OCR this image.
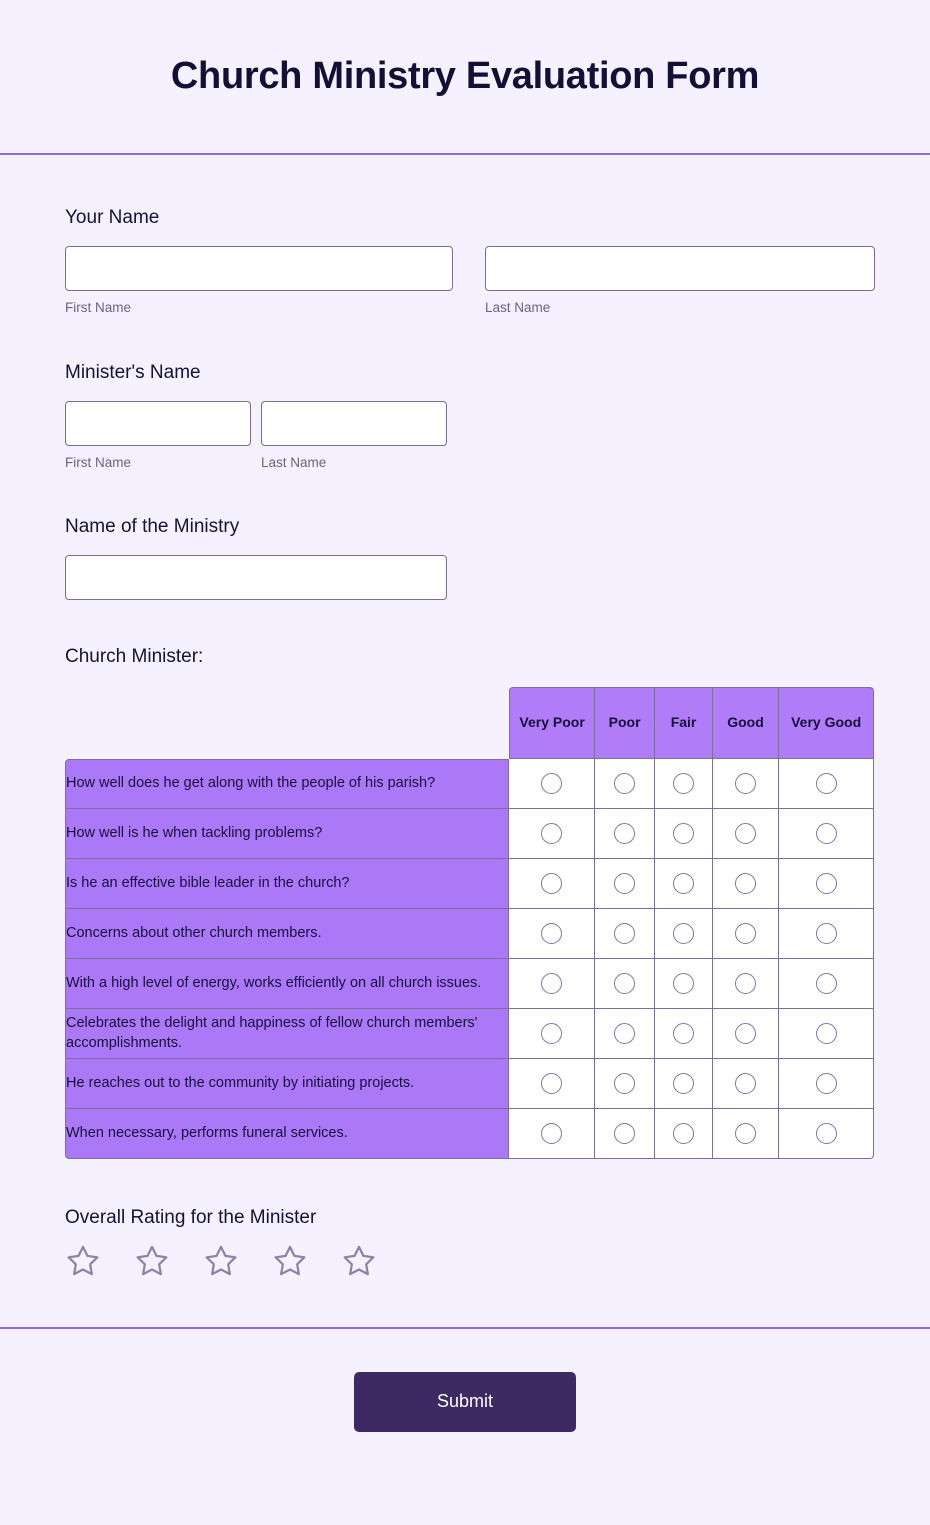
Church Ministry Evaluation Form
Your Name
First Name	Last Name
Minister's Name
First Name	Last Name
Name of the Ministry
Church Minister:
	Very Poor	Poor	Fair	Good	Very Good
How well does he get along with the people of his parish?					
How well is he when tackling problems?					
Is he an effective bible leader in the church?					
Concerns about other church members.					
With a high level of energy, works efficiently on all church issues.					
Celebrates the delight and happiness of fellow church members' accomplishments.					
He reaches out to the community by initiating projects.					
When necessary, performs funeral services.					
Overall Rating for the Minister
Submit
